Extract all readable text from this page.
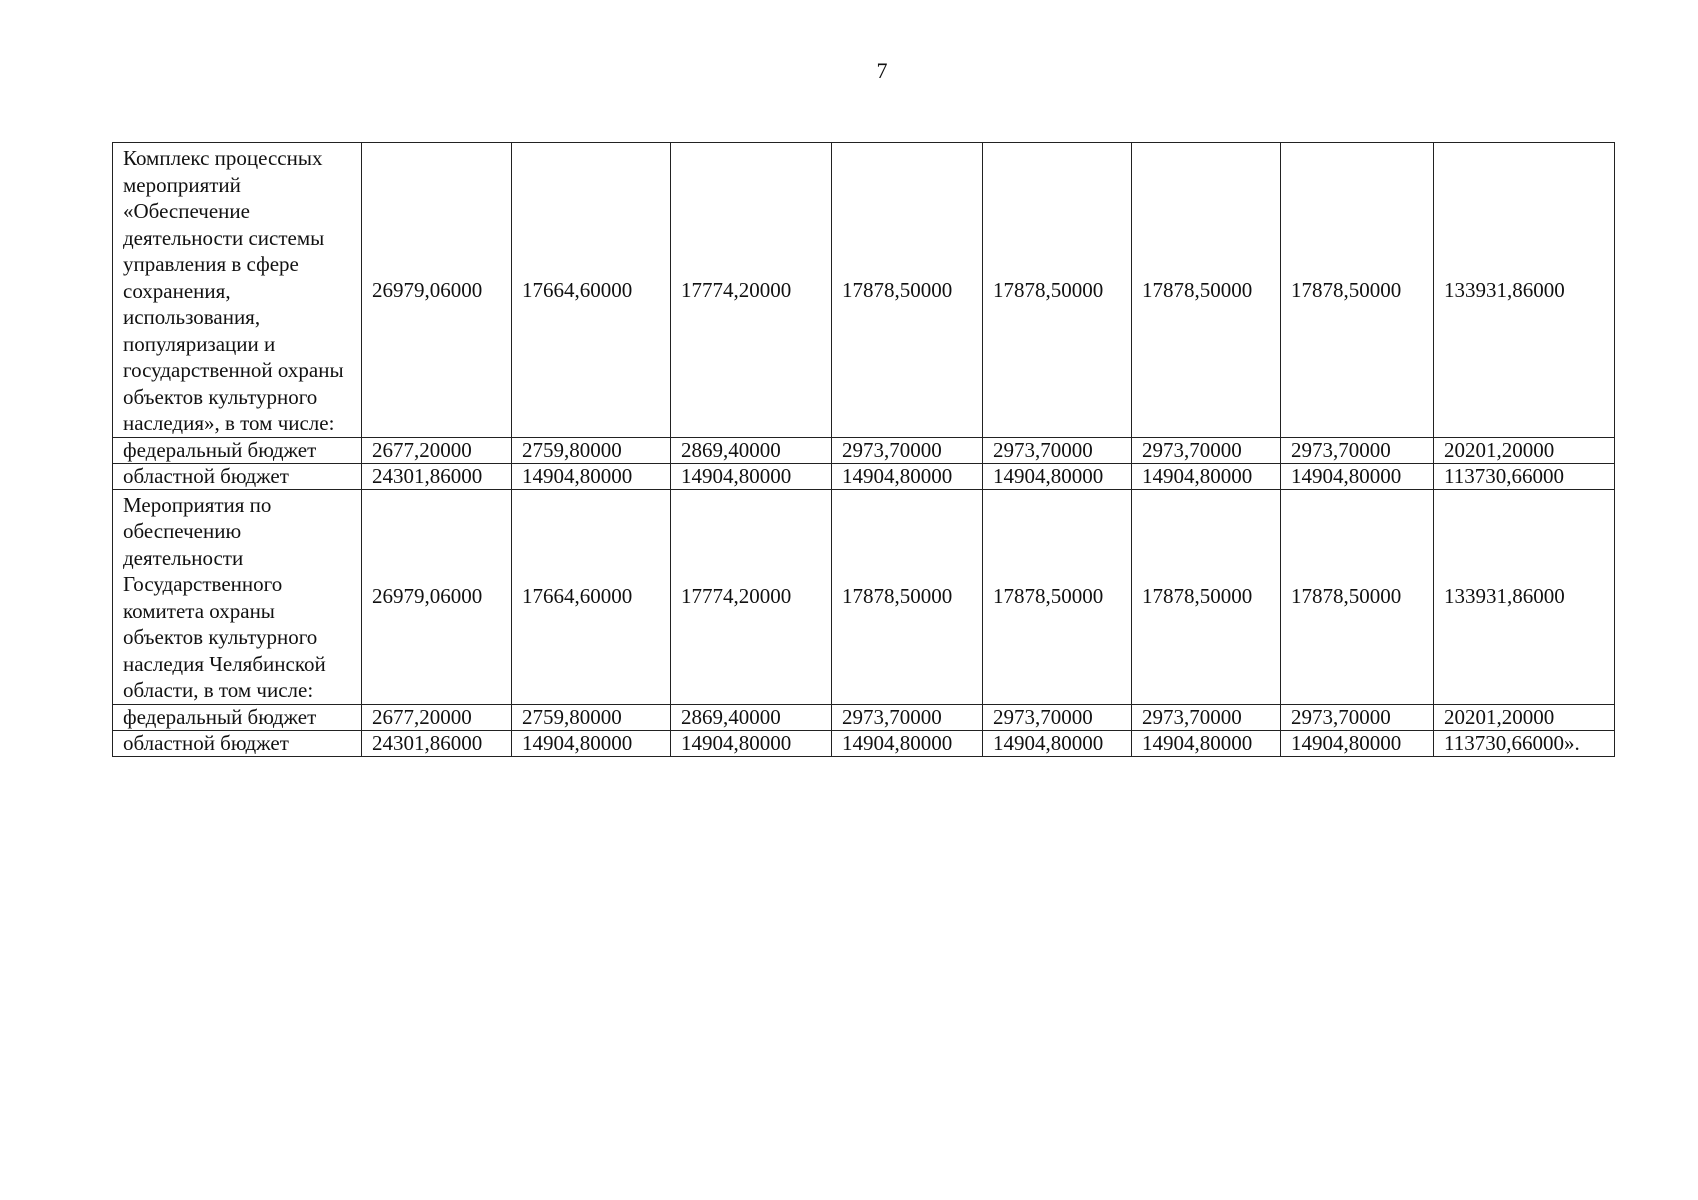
7
Комплекс процессных мероприятий «Обеспечение деятельности системы управления в сфере сохранения, использования, популяризации и государственной охраны объектов культурного наследия», в том числе:	26979,06000	17664,60000	17774,20000	17878,50000	17878,50000	17878,50000	17878,50000	133931,86000
федеральный бюджет	2677,20000	2759,80000	2869,40000	2973,70000	2973,70000	2973,70000	2973,70000	20201,20000
областной бюджет	24301,86000	14904,80000	14904,80000	14904,80000	14904,80000	14904,80000	14904,80000	113730,66000
Мероприятия по обеспечению деятельности Государственного комитета охраны объектов культурного наследия Челябинской области, в том числе:	26979,06000	17664,60000	17774,20000	17878,50000	17878,50000	17878,50000	17878,50000	133931,86000
федеральный бюджет	2677,20000	2759,80000	2869,40000	2973,70000	2973,70000	2973,70000	2973,70000	20201,20000
областной бюджет	24301,86000	14904,80000	14904,80000	14904,80000	14904,80000	14904,80000	14904,80000	113730,66000».
